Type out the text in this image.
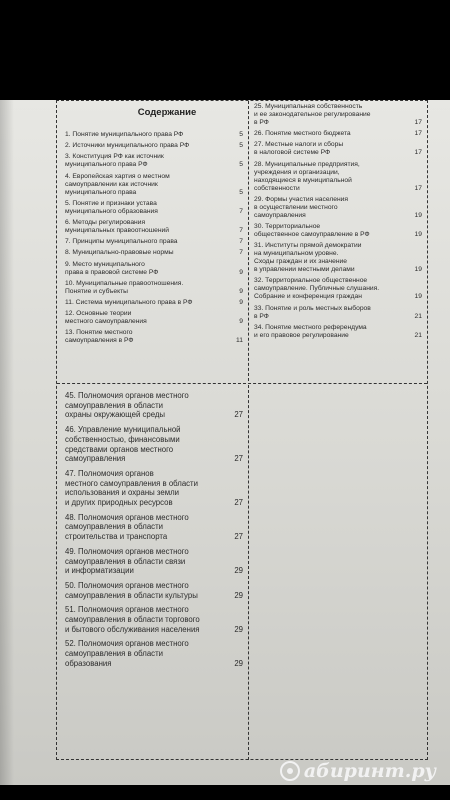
Содержание
1. Понятие муниципального права РФ	5
2. Источники муниципального права РФ	5
3. Конституция РФ как источник
муниципального права РФ	5
4. Европейская хартия о местном
самоуправлении как источник
муниципального права	5
5. Понятие и признаки устава
муниципального образования	7
6. Методы регулирования
муниципальных правоотношений	7
7. Принципы муниципального права	7
8. Муниципально-правовые нормы	7
9. Место муниципального
права в правовой системе РФ	9
10. Муниципальные правоотношения.
Понятие и субъекты	9
11. Система муниципального права в РФ	9
12. Основные теории
местного самоуправления	9
13. Понятие местного
самоуправления в РФ	11
25. Муниципальная собственность
и ее законодательное регулирование
в РФ	17
26. Понятие местного бюджета	17
27. Местные налоги и сборы
в налоговой системе РФ	17
28. Муниципальные предприятия,
учреждения и организации,
находящиеся в муниципальной
собственности	17
29. Формы участия населения
в осуществлении местного
самоуправления	19
30. Территориальное
общественное самоуправление в РФ	19
31. Институты прямой демократии
на муниципальном уровне.
Сходы граждан и их значение
в управлении местными делами	19
32. Территориальное общественное
самоуправление. Публичные слушания.
Собрание и конференция граждан	19
33. Понятие и роль местных выборов
в РФ	21
34. Понятие местного референдума
и его правовое регулирование	21
45. Полномочия органов местного
самоуправления в области
охраны окружающей среды	27
46. Управление муниципальной
собственностью, финансовыми
средствами органов местного
самоуправления	27
47. Полномочия органов
местного самоуправления в области
использования и охраны земли
и других природных ресурсов	27
48. Полномочия органов местного
самоуправления в области
строительства и транспорта	27
49. Полномочия органов местного
самоуправления в области связи
и информатизации	29
50. Полномочия органов местного
самоуправления в области культуры	29
51. Полномочия органов местного
самоуправления в области торгового
и бытового обслуживания населения	29
52. Полномочия органов местного
самоуправления в области
образования	29
абиринт.ру
